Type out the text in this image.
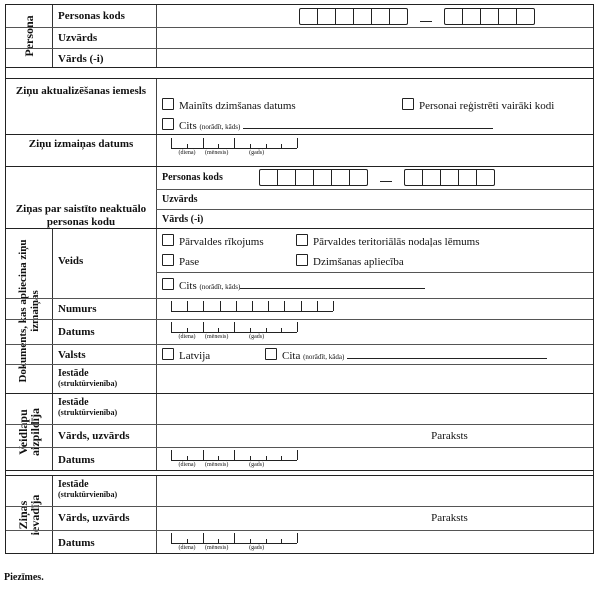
Persona Personas kods
Uzvārds
Vārds (-i)
Ziņu aktualizēšanas iemesls
Mainīts dzimšanas datums	Personai reģistrēti vairāki kodi
Cits (norādīt, kāds)
Ziņu izmaiņas datums
(diena) (mēnesis)	(gads)
Ziņas par saistīto neaktuālo
personas kodu
Personas kods
Uzvārds
Vārds (-i)
Dokuments, kas apliecina ziņu
izmaiņas
Veids
Pārvaldes rīkojums	Pārvaldes teritoriālās nodaļas lēmums
Pase	Dzimšanas apliecība
Cits (norādīt, kāds)
Numurs
Datums	(diena) (mēnesis)	(gads)
Valsts	Latvija	Cita (norādīt, kāda)
Iestāde
(struktūrvienība)
Veidlapu
aizpildīja
Iestāde
(struktūrvienība)
Vārds, uzvārds	Paraksts
Datums	(diena) (mēnesis)	(gads)
Ziņas
ievadīja
Iestāde
(struktūrvienība)
Vārds, uzvārds	Paraksts
Datums	(diena) (mēnesis)	(gads)
Piezīmes.
